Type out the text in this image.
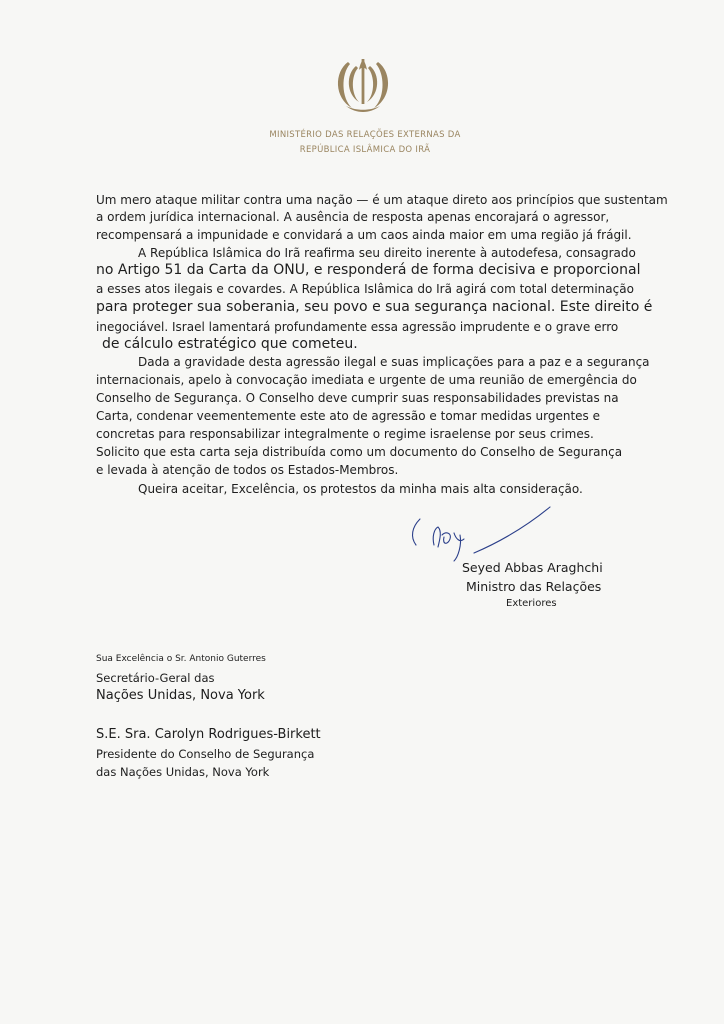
MINISTÉRIO DAS RELAÇÕES EXTERNAS DA
REPÚBLICA ISLÂMICA DO IRÃ
Um mero ataque militar contra uma nação — é um ataque direto aos princípios que sustentam
a ordem jurídica internacional. A ausência de resposta apenas encorajará o agressor,
recompensará a impunidade e convidará a um caos ainda maior em uma região já frágil.
A República Islâmica do Irã reafirma seu direito inerente à autodefesa, consagrado
no Artigo 51 da Carta da ONU, e responderá de forma decisiva e proporcional
a esses atos ilegais e covardes. A República Islâmica do Irã agirá com total determinação
para proteger sua soberania, seu povo e sua segurança nacional. Este direito é
inegociável. Israel lamentará profundamente essa agressão imprudente e o grave erro
de cálculo estratégico que cometeu.
Dada a gravidade desta agressão ilegal e suas implicações para a paz e a segurança
internacionais, apelo à convocação imediata e urgente de uma reunião de emergência do
Conselho de Segurança. O Conselho deve cumprir suas responsabilidades previstas na
Carta, condenar veementemente este ato de agressão e tomar medidas urgentes e
concretas para responsabilizar integralmente o regime israelense por seus crimes.
Solicito que esta carta seja distribuída como um documento do Conselho de Segurança
e levada à atenção de todos os Estados-Membros.
Queira aceitar, Excelência, os protestos da minha mais alta consideração.
Seyed Abbas Araghchi
Ministro das Relações
Exteriores
Sua Excelência o Sr. Antonio Guterres
Secretário-Geral das
Nações Unidas, Nova York
S.E. Sra. Carolyn Rodrigues-Birkett
Presidente do Conselho de Segurança
das Nações Unidas, Nova York
